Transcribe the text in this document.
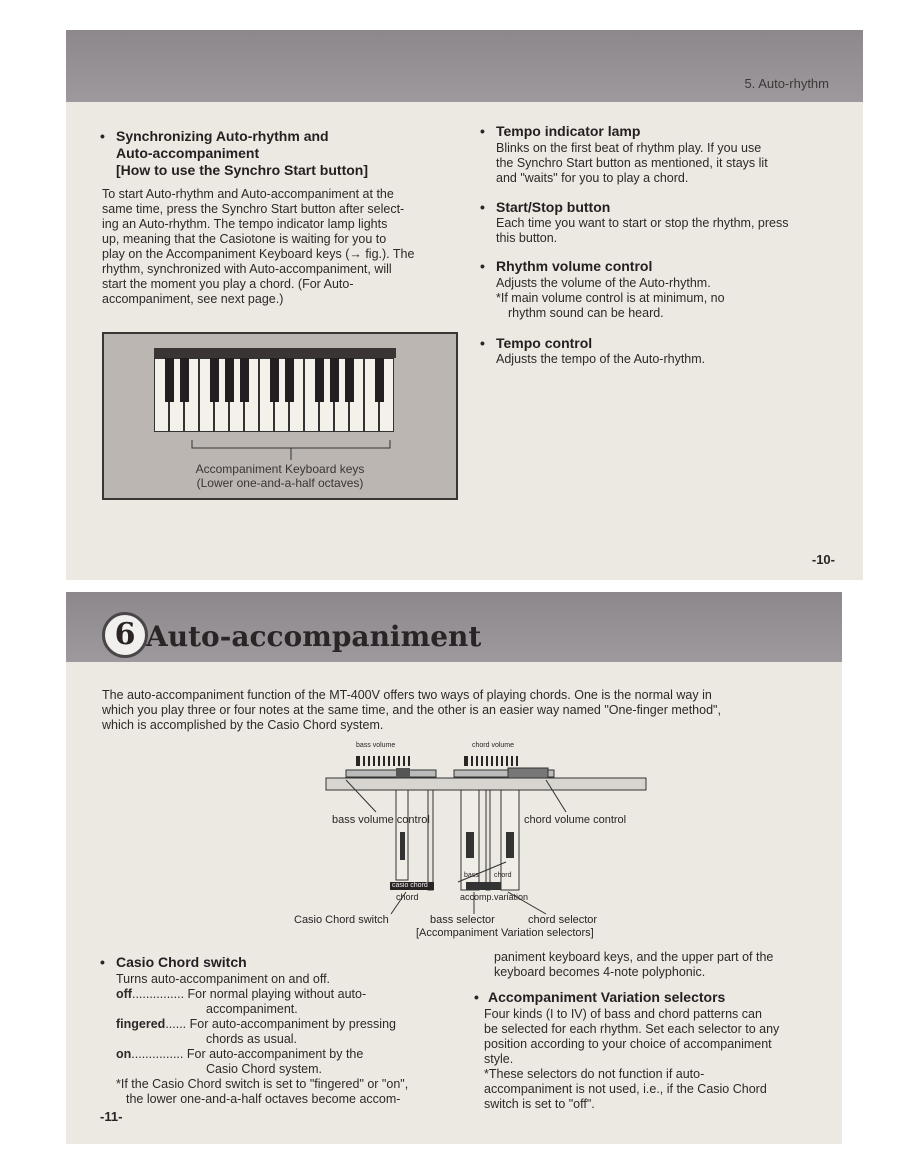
5. Auto-rhythm
• Synchronizing Auto-rhythm and
Auto-accompaniment
[How to use the Synchro Start button]
To start Auto-rhythm and Auto-accompaniment at the
same time, press the Synchro Start button after select-
ing an Auto-rhythm. The tempo indicator lamp lights
up, meaning that the Casiotone is waiting for you to
play on the Accompaniment Keyboard keys (→ fig.). The
rhythm, synchronized with Auto-accompaniment, will
start the moment you play a chord. (For Auto-
accompaniment, see next page.)
Accompaniment Keyboard keys
(Lower one-and-a-half octaves)
• Tempo indicator lamp
Blinks on the first beat of rhythm play. If you use
the Synchro Start button as mentioned, it stays lit
and "waits" for you to play a chord.
• Start/Stop button
Each time you want to start or stop the rhythm, press
this button.
• Rhythm volume control
Adjusts the volume of the Auto-rhythm.
*If main volume control is at minimum, no
rhythm sound can be heard.
• Tempo control
Adjusts the tempo of the Auto-rhythm.
-10-
6 Auto-accompaniment
The auto-accompaniment function of the MT-400V offers two ways of playing chords. One is the normal way in
which you play three or four notes at the same time, and the other is an easier way named "One-finger method",
which is accomplished by the Casio Chord system.
bass volume	chord volume
bass volume control	chord volume control
casio chord
bass chord
chord	accomp.variation
Casio Chord switch	bass selector	chord selector
[Accompaniment Variation selectors]
• Casio Chord switch
Turns auto-accompaniment on and off.
off............... For normal playing without auto-
accompaniment.
fingered...... For auto-accompaniment by pressing
chords as usual.
on............... For auto-accompaniment by the
Casio Chord system.
*If the Casio Chord switch is set to "fingered" or "on",
the lower one-and-a-half octaves become accom-
-11-
paniment keyboard keys, and the upper part of the
keyboard becomes 4-note polyphonic.
• Accompaniment Variation selectors
Four kinds (I to IV) of bass and chord patterns can
be selected for each rhythm. Set each selector to any
position according to your choice of accompaniment
style.
*These selectors do not function if auto-
accompaniment is not used, i.e., if the Casio Chord
switch is set to "off".
